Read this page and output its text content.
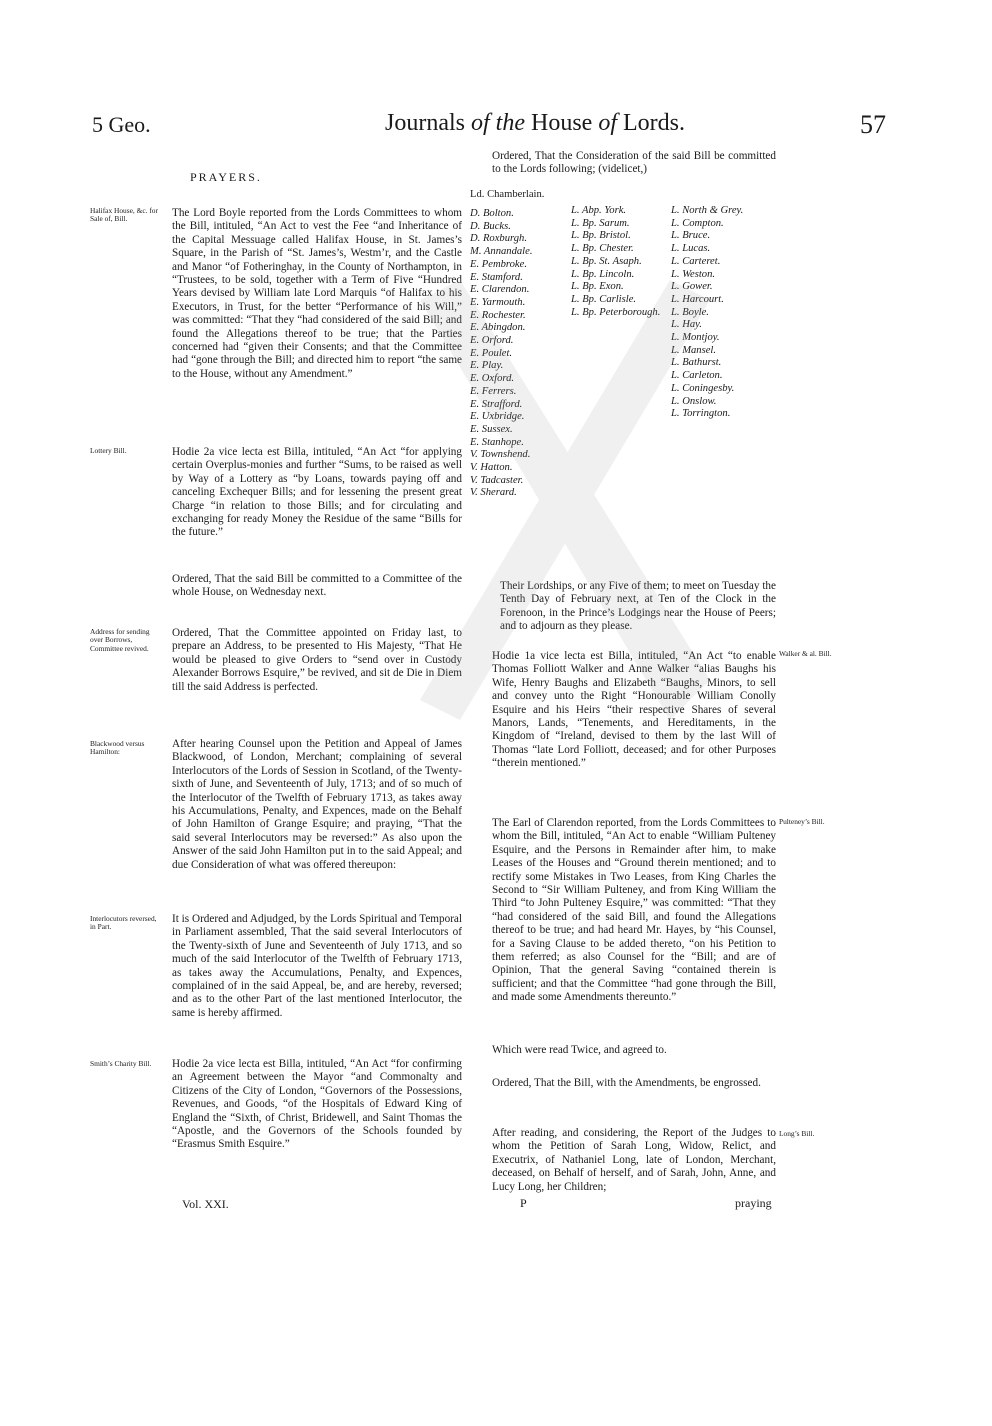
5 Geo.	Journals of the House of Lords.	57
PRAYERS.
Halifax House, &c. for Sale of, Bill.	The Lord Boyle reported from the Lords Committees to whom the Bill, intituled, “An Act to vest the Fee “and Inheritance of the Capital Messuage called Halifax House, in St. James’s Square, in the Parish of “St. James’s, Westm’r, and the Castle and Manor “of Fotheringhay, in the County of Northampton, in “Trustees, to be sold, together with a Term of Five “Hundred Years devised by William late Lord Marquis “of Halifax to his Executors, in Trust, for the better “Performance of his Will,” was committed: “That they “had considered of the said Bill; and found the Allegations thereof to be true; that the Parties concerned had “given their Consents; and that the Committee had “gone through the Bill; and directed him to report “the same to the House, without any Amendment.”

Lottery Bill.	Hodie 2a vice lecta est Billa, intituled, “An Act “for applying certain Overplus-monies and further “Sums, to be raised as well by Way of a Lottery as “by Loans, towards paying off and canceling Exchequer Bills; and for lessening the present great Charge “in relation to those Bills; and for circulating and exchanging for ready Money the Residue of the same “Bills for the future.”

Ordered, That the said Bill be committed to a Committee of the whole House, on Wednesday next.

Address for sending over Borrows, Committee revived.

Ordered, That the Committee appointed on Friday last, to prepare an Address, to be presented to His Majesty, “That He would be pleased to give Orders to “send over in Custody Alexander Borrows Esquire,” be revived, and sit de Die in Diem till the said Address is perfected.

Blackwood versus Hamilton:

After hearing Counsel upon the Petition and Appeal of James Blackwood, of London, Merchant; complaining of several Interlocutors of the Lords of Session in Scotland, of the Twenty-sixth of June, and Seventeenth of July, 1713; and of so much of the Interlocutor of the Twelfth of February 1713, as takes away his Accumulations, Penalty, and Expences, made on the Behalf of John Hamilton of Grange Esquire; and praying, “That the said several Interlocutors may be reversed:” As also upon the Answer of the said John Hamilton put in to the said Appeal; and due Consideration of what was offered thereupon:

Interlocutors reversed, in Part.

It is Ordered and Adjudged, by the Lords Spiritual and Temporal in Parliament assembled, That the said several Interlocutors of the Twenty-sixth of June and Seventeenth of July 1713, and so much of the said Interlocutor of the Twelfth of February 1713, as takes away the Accumulations, Penalty, and Expences, complained of in the said Appeal, be, and are hereby, reversed; and as to the other Part of the last mentioned Interlocutor, the same is hereby affirmed.

Smith’s Charity Bill.	Hodie 2a vice lecta est Billa, intituled, “An Act “for confirming an Agreement between the Mayor “and Commonalty and Citizens of the City of London, “Governors of the Possessions, Revenues, and Goods, “of the Hospitals of Edward King of England the “Sixth, of Christ, Bridewell, and Saint Thomas the “Apostle, and the Governors of the Schools founded by “Erasmus Smith Esquire.”

Vol. XXI.

Ordered, That the Consideration of the said Bill be committed to the Lords following; (videlicet,)

Ld. Chamberlain.
D. Bolton.
D. Bucks.
D. Roxburgh.
M. Annandale.
E. Pembroke.
E. Stamford.
E. Clarendon.
E. Yarmouth.
E. Rochester.
E. Abingdon.
E. Orford.
E. Poulet.
E. Play.
E. Oxford.
E. Ferrers.
E. Strafford.
E. Uxbridge.
E. Sussex.
E. Stanhope.
V. Townshend.
V. Hatton.
V. Tadcaster.
V. Sherard.
L. Abp. York.
L. Bp. Sarum.
L. Bp. Bristol.
L. Bp. Chester.
L. Bp. St. Asaph.
L. Bp. Lincoln.
L. Bp. Exon.
L. Bp. Carlisle.
L. Bp. Peterborough.
L. North & Grey.
L. Compton.
L. Bruce.
L. Lucas.
L. Carteret.
L. Weston.
L. Gower.
L. Harcourt.
L. Boyle.
L. Hay.
L. Montjoy.
L. Mansel.
L. Bathurst.
L. Carleton.
L. Coningesby.
L. Onslow.
L. Torrington.

Their Lordships, or any Five of them; to meet on Tuesday the Tenth Day of February next, at Ten of the Clock in the Forenoon, in the Prince’s Lodgings near the House of Peers; and to adjourn as they please.

Walker & al. Bill.

Hodie 1a vice lecta est Billa, intituled, “An Act “to enable Thomas Folliott Walker and Anne Walker “alias Baughs his Wife, Henry Baughs and Elizabeth “Baughs, Minors, to sell and convey unto the Right “Honourable William Conolly Esquire and his Heirs “their respective Shares of several Manors, Lands, “Tenements, and Hereditaments, in the Kingdom of “Ireland, devised to them by the last Will of Thomas “late Lord Folliott, deceased; and for other Purposes “therein mentioned.”

Pulteney’s Bill.

The Earl of Clarendon reported, from the Lords Committees to whom the Bill, intituled, “An Act to enable “William Pulteney Esquire, and the Persons in Remainder after him, to make Leases of the Houses and “Ground therein mentioned; and to rectify some Mistakes in Two Leases, from King Charles the Second to “Sir William Pulteney, and from King William the Third “to John Pulteney Esquire,” was committed: “That they “had considered of the said Bill, and found the Allegations thereof to be true; and had heard Mr. Hayes, by “his Counsel, for a Saving Clause to be added thereto, “on his Petition to them referred; as also Counsel for the “Bill; and are of Opinion, That the general Saving “contained therein is sufficient; and that the Committee “had gone through the Bill, and made some Amendments thereunto.”

Which were read Twice, and agreed to.

Ordered, That the Bill, with the Amendments, be engrossed.

Long’s Bill.

After reading, and considering, the Report of the Judges to whom the Petition of Sarah Long, Widow, Relict, and Executrix, of Nathaniel Long, late of London, Merchant, deceased, on Behalf of herself, and of Sarah, John, Anne, and Lucy Long, her Children;

P	praying
